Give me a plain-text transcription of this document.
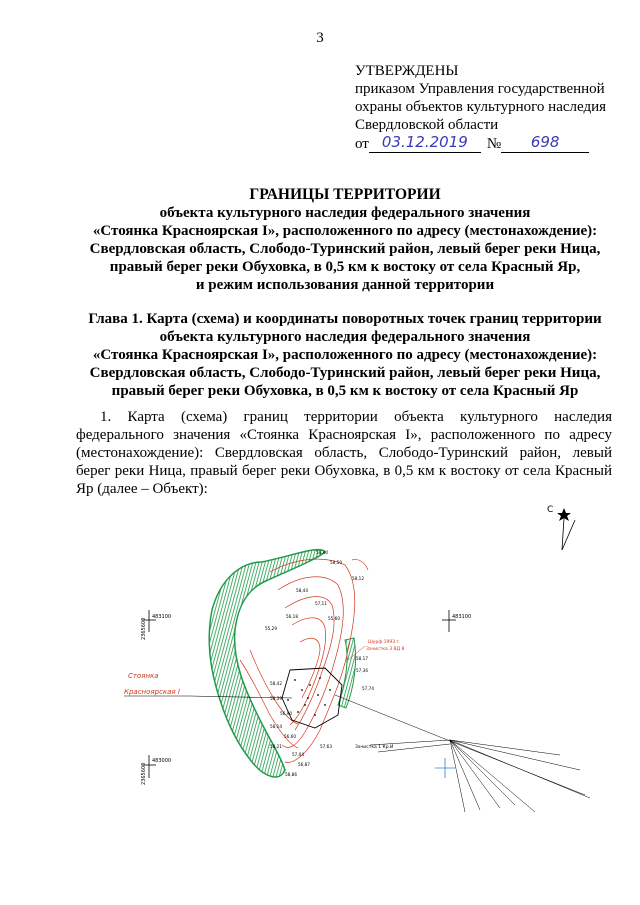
3
УТВЕРЖДЕНЫ
приказом Управления государственной
охраны объектов культурного наследия
Свердловской области
от 03.12.2019	№	698
ГРАНИЦЫ ТЕРРИТОРИИ
объекта культурного наследия федерального значения
«Стоянка Красноярская I», расположенного по адресу (местонахождение):
Свердловская область, Слободо-Туринский район, левый берег реки Ница,
правый берег реки Обуховка, в 0,5 км к востоку от села Красный Яр,
и режим использования данной территории
Глава 1. Карта (схема) и координаты поворотных точек границ территории
объекта культурного наследия федерального значения
«Стоянка Красноярская I», расположенного по адресу (местонахождение):
Свердловская область, Слободо-Туринский район, левый берег реки Ница,
правый берег реки Обуховка, в 0,5 км к востоку от села Красный Яр
1. Карта (схема) границ территории объекта культурного наследия
федерального значения «Стоянка Красноярская I», расположенного по адресу
(местонахождение): Свердловская область, Слободо-Туринский район, левый
берег реки Ница, правый берег реки Обуховка, в 0,5 км к востоку от села Красный
Яр (далее – Объект):
С
483100	483100
483000
2365600
2365600
Стоянка
Красноярская I
Шурф 1993 г.
Зачистка 3 ВД 8
Зачистка 1 Кр.И
58,40
58,50
58,12
58,44
57,11
56,18	55,60
55,29
58,17
57,36
58,42
57,74
58,39
56,90
58,14
56,60
58,21
57,04
56,87
58,86
57,63
